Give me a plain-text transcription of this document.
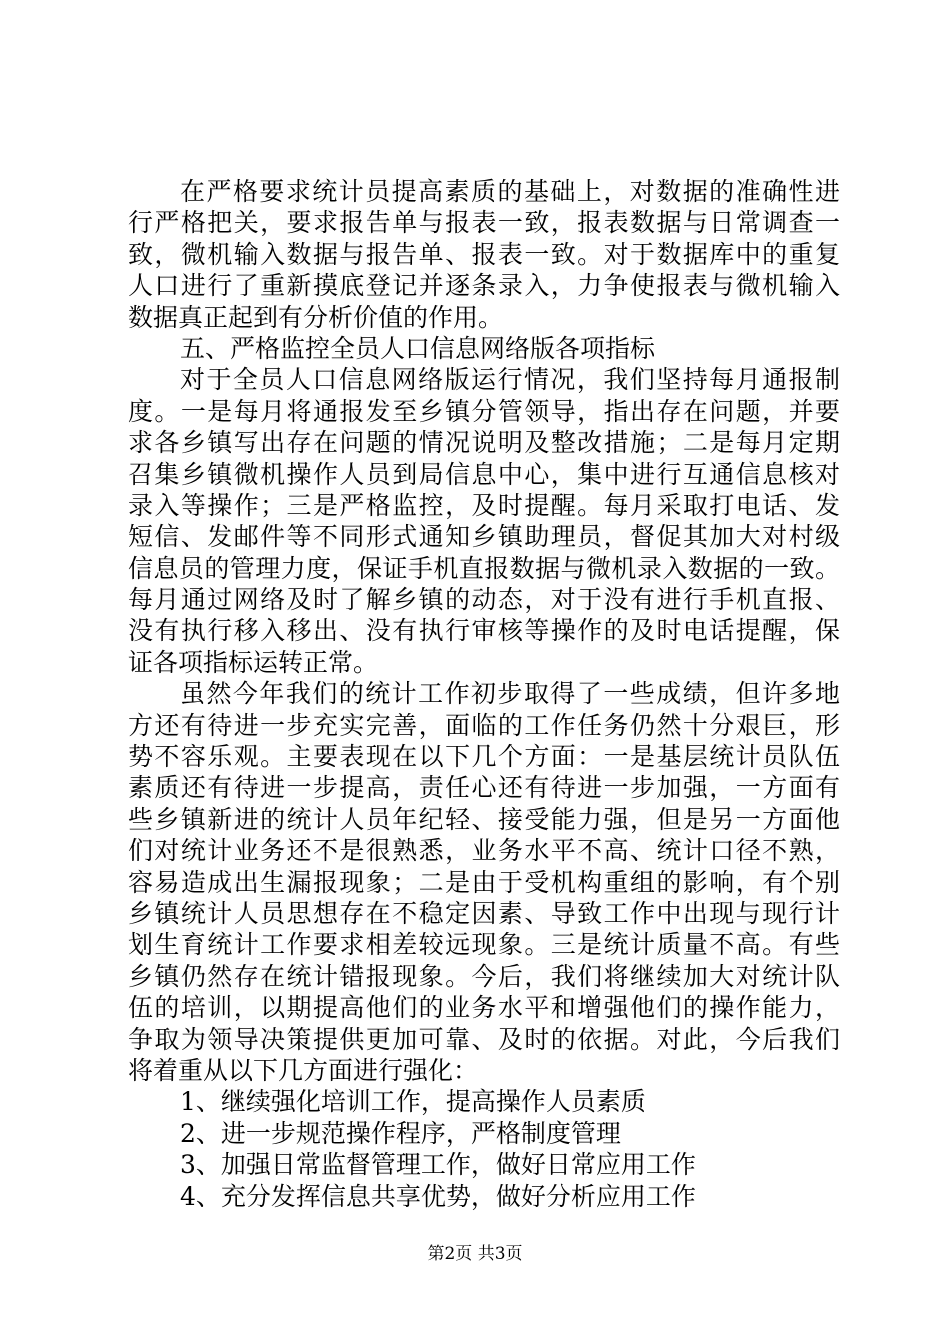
在严格要求统计员提高素质的基础上，对数据的准确性进
行严格把关，要求报告单与报表一致，报表数据与日常调查一
致，微机输入数据与报告单、报表一致。对于数据库中的重复
人口进行了重新摸底登记并逐条录入，力争使报表与微机输入
数据真正起到有分析价值的作用。
五、严格监控全员人口信息网络版各项指标
对于全员人口信息网络版运行情况，我们坚持每月通报制
度。一是每月将通报发至乡镇分管领导，指出存在问题，并要
求各乡镇写出存在问题的情况说明及整改措施；二是每月定期
召集乡镇微机操作人员到局信息中心，集中进行互通信息核对
录入等操作；三是严格监控，及时提醒。每月采取打电话、发
短信、发邮件等不同形式通知乡镇助理员，督促其加大对村级
信息员的管理力度，保证手机直报数据与微机录入数据的一致。
每月通过网络及时了解乡镇的动态，对于没有进行手机直报、
没有执行移入移出、没有执行审核等操作的及时电话提醒，保
证各项指标运转正常。
虽然今年我们的统计工作初步取得了一些成绩，但许多地
方还有待进一步充实完善，面临的工作任务仍然十分艰巨，形
势不容乐观。主要表现在以下几个方面：一是基层统计员队伍
素质还有待进一步提高，责任心还有待进一步加强，一方面有
些乡镇新进的统计人员年纪轻、接受能力强，但是另一方面他
们对统计业务还不是很熟悉，业务水平不高、统计口径不熟，
容易造成出生漏报现象；二是由于受机构重组的影响，有个别
乡镇统计人员思想存在不稳定因素、导致工作中出现与现行计
划生育统计工作要求相差较远现象。三是统计质量不高。有些
乡镇仍然存在统计错报现象。今后，我们将继续加大对统计队
伍的培训，以期提高他们的业务水平和增强他们的操作能力，
争取为领导决策提供更加可靠、及时的依据。对此，今后我们
将着重从以下几方面进行强化：
1、继续强化培训工作，提高操作人员素质
2、进一步规范操作程序，严格制度管理
3、加强日常监督管理工作，做好日常应用工作
4、充分发挥信息共享优势，做好分析应用工作
第2页 共3页
